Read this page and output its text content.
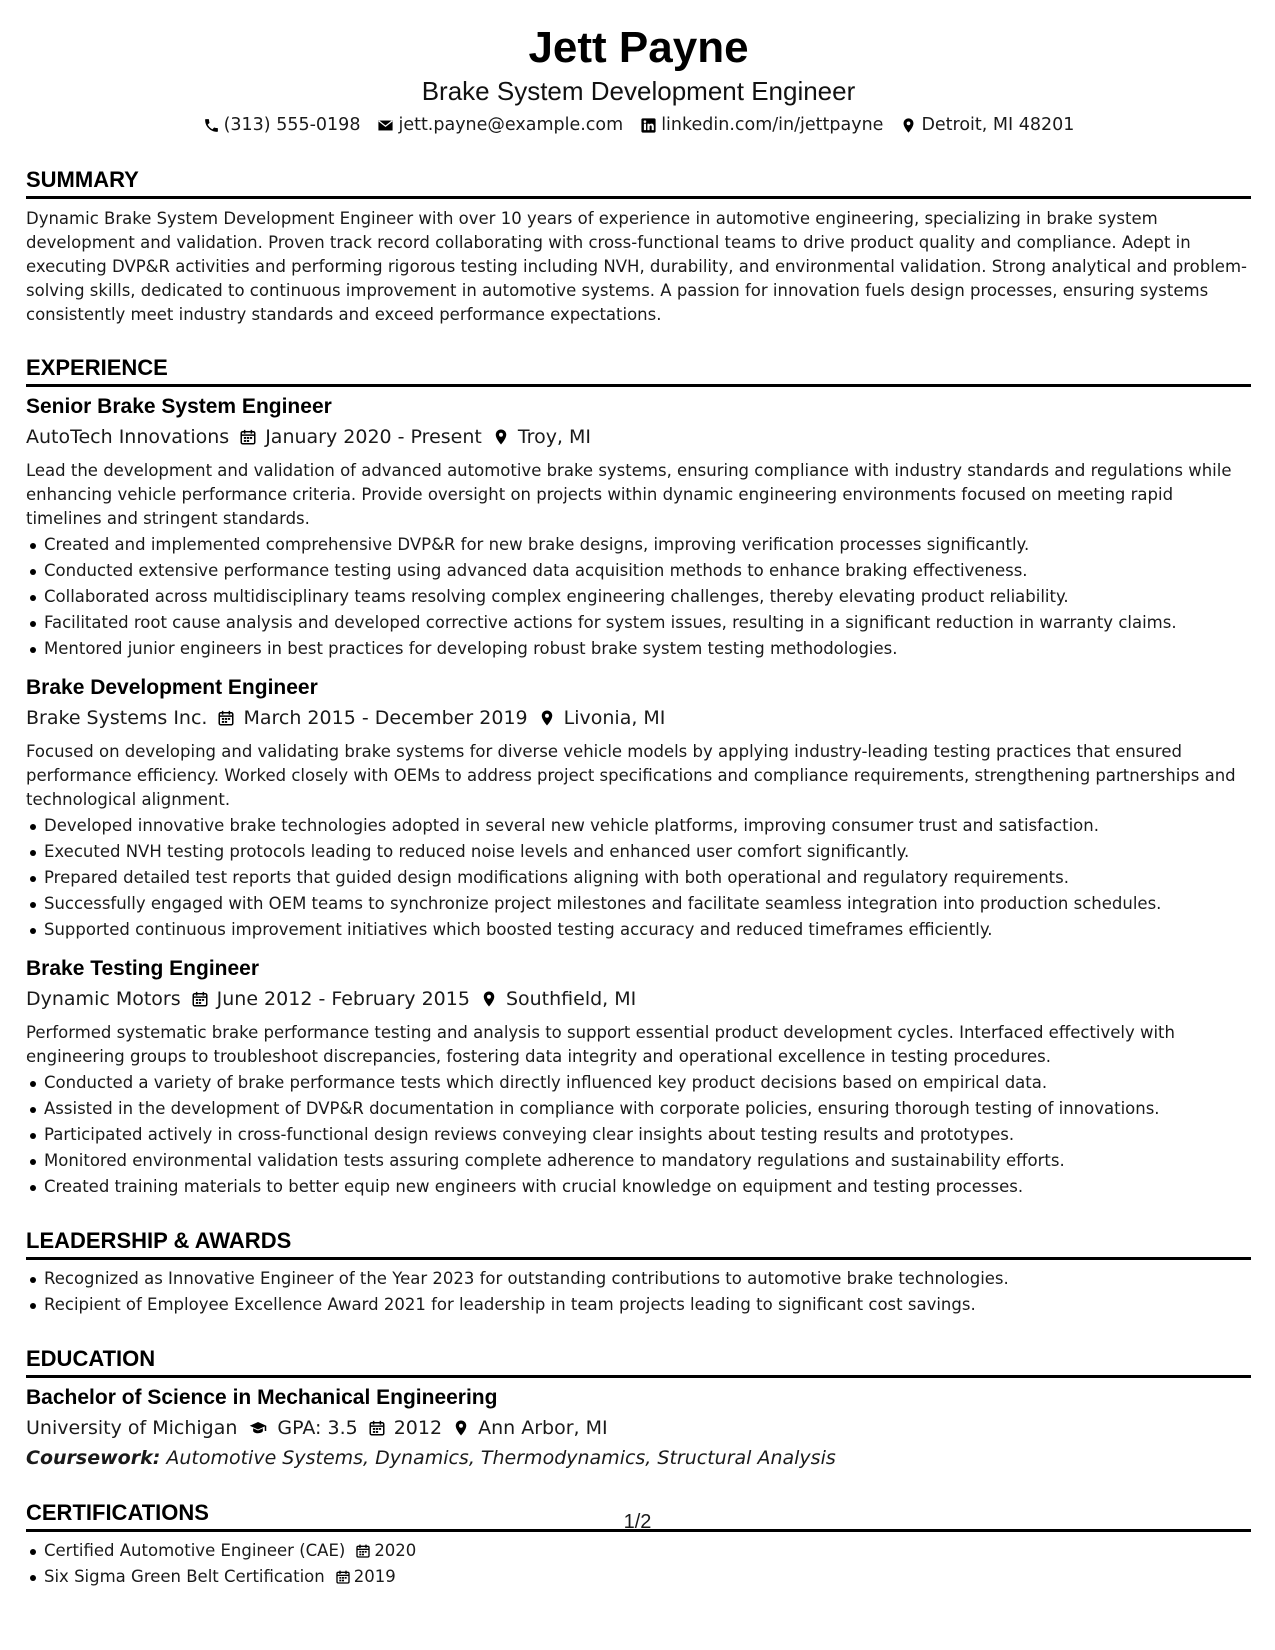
Jett Payne
Brake System Development Engineer
(313) 555-0198 jett.payne@example.com linkedin.com/in/jettpayne Detroit, MI 48201
SUMMARY

Dynamic Brake System Development Engineer with over 10 years of experience in automotive engineering, specializing in brake system development and validation. Proven track record collaborating with cross-functional teams to drive product quality and compliance. Adept in executing DVP&R activities and performing rigorous testing including NVH, durability, and environmental validation. Strong analytical and problem-solving skills, dedicated to continuous improvement in automotive systems. A passion for innovation fuels design processes, ensuring systems consistently meet industry standards and exceed performance expectations.

EXPERIENCE
Senior Brake System Engineer
AutoTech Innovations January 2020 - Present Troy, MI

Lead the development and validation of advanced automotive brake systems, ensuring compliance with industry standards and regulations while enhancing vehicle performance criteria. Provide oversight on projects within dynamic engineering environments focused on meeting rapid timelines and stringent standards.

Created and implemented comprehensive DVP&R for new brake designs, improving verification processes significantly.
Conducted extensive performance testing using advanced data acquisition methods to enhance braking effectiveness.
Collaborated across multidisciplinary teams resolving complex engineering challenges, thereby elevating product reliability.
Facilitated root cause analysis and developed corrective actions for system issues, resulting in a significant reduction in warranty claims.
Mentored junior engineers in best practices for developing robust brake system testing methodologies.
Brake Development Engineer
Brake Systems Inc. March 2015 - December 2019 Livonia, MI

Focused on developing and validating brake systems for diverse vehicle models by applying industry-leading testing practices that ensured performance efficiency. Worked closely with OEMs to address project specifications and compliance requirements, strengthening partnerships and technological alignment.

Developed innovative brake technologies adopted in several new vehicle platforms, improving consumer trust and satisfaction.
Executed NVH testing protocols leading to reduced noise levels and enhanced user comfort significantly.
Prepared detailed test reports that guided design modifications aligning with both operational and regulatory requirements.
Successfully engaged with OEM teams to synchronize project milestones and facilitate seamless integration into production schedules.
Supported continuous improvement initiatives which boosted testing accuracy and reduced timeframes efficiently.
Brake Testing Engineer
Dynamic Motors June 2012 - February 2015 Southfield, MI

Performed systematic brake performance testing and analysis to support essential product development cycles. Interfaced effectively with engineering groups to troubleshoot discrepancies, fostering data integrity and operational excellence in testing procedures.

Conducted a variety of brake performance tests which directly influenced key product decisions based on empirical data.
Assisted in the development of DVP&R documentation in compliance with corporate policies, ensuring thorough testing of innovations.
Participated actively in cross-functional design reviews conveying clear insights about testing results and prototypes.
Monitored environmental validation tests assuring complete adherence to mandatory regulations and sustainability efforts.
Created training materials to better equip new engineers with crucial knowledge on equipment and testing processes.
LEADERSHIP & AWARDS
Recognized as Innovative Engineer of the Year 2023 for outstanding contributions to automotive brake technologies.
Recipient of Employee Excellence Award 2021 for leadership in team projects leading to significant cost savings.
EDUCATION
Bachelor of Science in Mechanical Engineering
University of Michigan GPA: 3.5 2012 Ann Arbor, MI
Coursework: Automotive Systems, Dynamics, Thermodynamics, Structural Analysis
CERTIFICATIONS
Certified Automotive Engineer (CAE) 2020
Six Sigma Green Belt Certification 2019
1/2
